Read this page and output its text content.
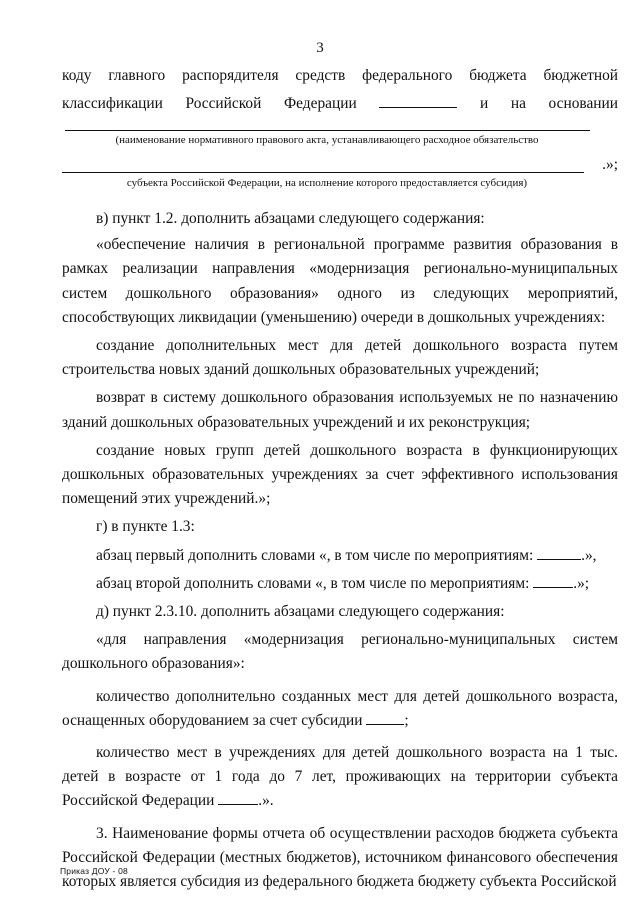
3

коду главного распорядителя средств федерального бюджета бюджетной

классификации Российской Федерации	и на основании

(наименование нормативного правового акта, устанавливающего расходное обязательство
.»;
субъекта Российской Федерации, на исполнение которого предоставляется субсидия)

в) пункт 1.2. дополнить абзацами следующего содержания:

«обеспечение наличия в региональной программе развития образования в рамках реализации направления «модернизация регионально-муниципальных систем дошкольного образования» одного из следующих мероприятий, способствующих ликвидации (уменьшению) очереди в дошкольных учреждениях:

создание дополнительных мест для детей дошкольного возраста путем строительства новых зданий дошкольных образовательных учреждений;

возврат в систему дошкольного образования используемых не по назначению зданий дошкольных образовательных учреждений и их реконструкция;

создание новых групп детей дошкольного возраста в функционирующих дошкольных образовательных учреждениях за счет эффективного использования помещений этих учреждений.»;

г) в пункте 1.3:

абзац первый дополнить словами «, в том числе по мероприятиям:	.»,

абзац второй дополнить словами «, в том числе по мероприятиям:	.»;

д) пункт 2.3.10. дополнить абзацами следующего содержания:

«для направления «модернизация регионально-муниципальных систем дошкольного образования»:

количество дополнительно созданных мест для детей дошкольного возраста, оснащенных оборудованием за счет субсидии	;

количество мест в учреждениях для детей дошкольного возраста на 1 тыс. детей в возрасте от 1 года до 7 лет, проживающих на территории субъекта Российской Федерации	.».

3. Наименование формы отчета об осуществлении расходов бюджета субъекта Российской Федерации (местных бюджетов), источником финансового обеспечения которых является субсидия из федерального бюджета бюджету субъекта Российской

Приказ ДОУ - 08
